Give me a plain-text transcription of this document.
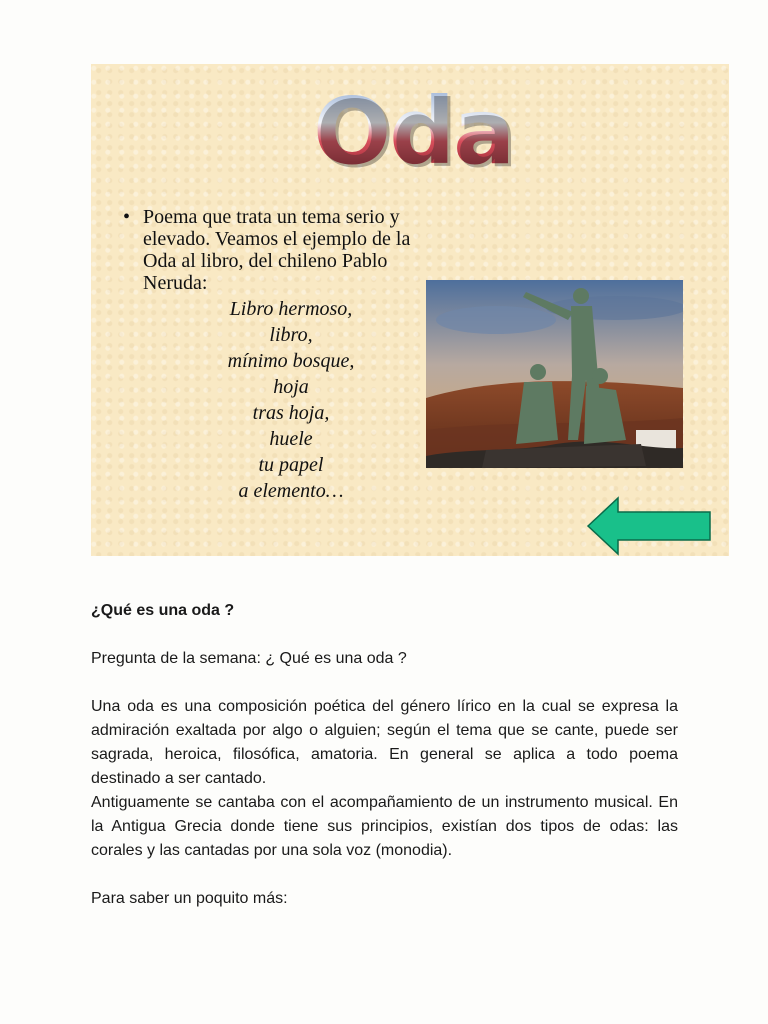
Oda
• Poema que trata un tema serio y elevado. Veamos el ejemplo de la Oda al libro, del chileno Pablo Neruda:
Libro hermoso,
libro,
mínimo bosque,
hoja
tras hoja,
huele
tu papel
a elemento…
¿Qué es una oda ?

Pregunta de la semana: ¿ Qué es una oda ?

Una oda es una composición poética del género lírico en la cual se expresa la admiración exaltada por algo o alguien; según el tema que se cante, puede ser sagrada, heroica, filosófica, amatoria. En general se aplica a todo poema destinado a ser cantado.

Antiguamente se cantaba con el acompañamiento de un instrumento musical. En la Antigua Grecia donde tiene sus principios, existían dos tipos de odas: las corales y las cantadas por una sola voz (monodia).

Para saber un poquito más:
